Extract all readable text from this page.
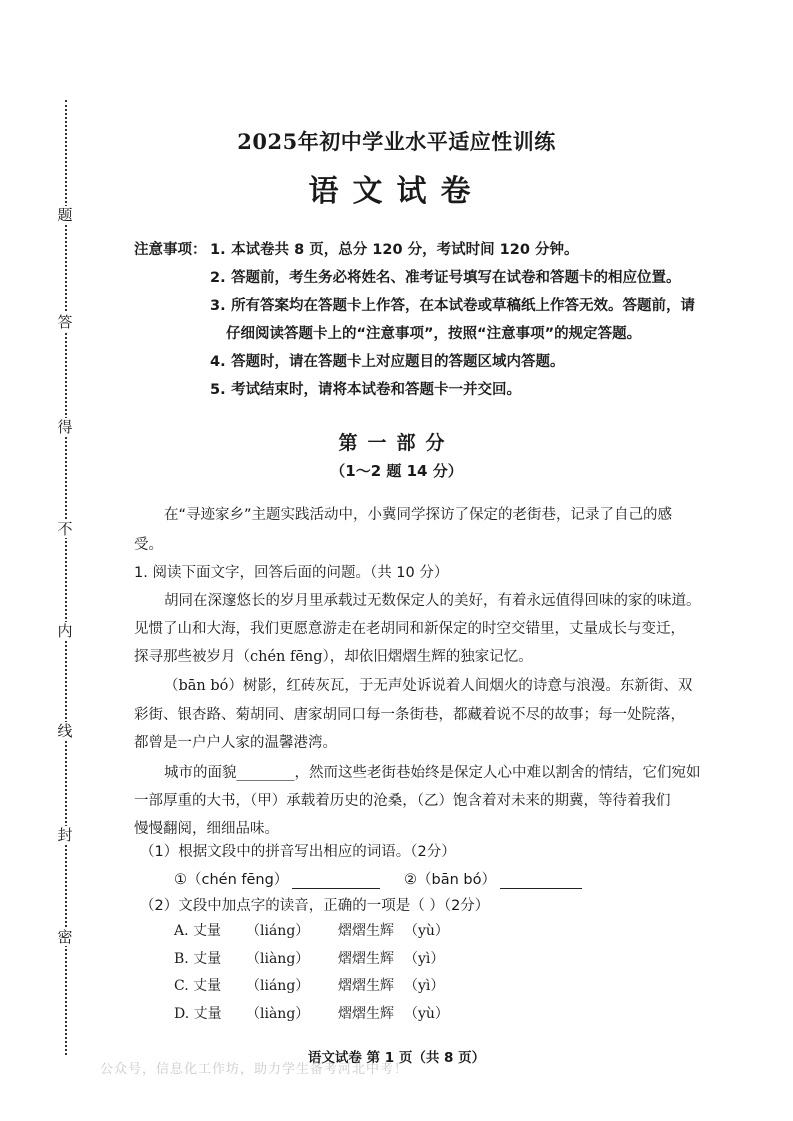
题
答
得
不
内
线
封
密
2025年初中学业水平适应性训练
语文试卷
注意事项： 1. 本试卷共 8 页，总分 120 分，考试时间 120 分钟。
2. 答题前，考生务必将姓名、准考证号填写在试卷和答题卡的相应位置。
3. 所有答案均在答题卡上作答，在本试卷或草稿纸上作答无效。答题前，请
仔细阅读答题卡上的“注意事项”，按照“注意事项”的规定答题。
4. 答题时，请在答题卡上对应题目的答题区域内答题。
5. 考试结束时，请将本试卷和答题卡一并交回。
第一部分
（1～2 题 14 分）
在“寻迹家乡”主题实践活动中，小冀同学探访了保定的老街巷，记录了自己的感
受。
1. 阅读下面文字，回答后面的问题。（共 10 分）
胡同在深邃悠长的岁月里承载过无数保定人的美好，有着永远值得回味的家的味道。
见惯了山和大海，我们更愿意游走在老胡同和新保定的时空交错里，丈量成长与变迁，
探寻那些被岁月（chén fēng），却依旧熠熠生辉的独家记忆。
（bān bó）树影，红砖灰瓦，于无声处诉说着人间烟火的诗意与浪漫。东新街、双
彩街、银杏路、菊胡同、唐家胡同口每一条街巷，都藏着说不尽的故事；每一处院落，
都曾是一户户人家的温馨港湾。
城市的面貌________，然而这些老街巷始终是保定人心中难以割舍的情结，它们宛如
一部厚重的大书，（甲）承载着历史的沧桑，（乙）饱含着对未来的期冀，等待着我们
慢慢翻阅，细细品味。
（1）根据文段中的拼音写出相应的词语。（2分）
①（chén fēng）	②（bān bó）
（2）文段中加点字的读音，正确的一项是（ ）（2分）
A. 丈量 （liáng） 熠熠生辉 （yù）
B. 丈量 （liàng） 熠熠生辉 （yì）
C. 丈量 （liáng） 熠熠生辉 （yì）
D. 丈量 （liàng） 熠熠生辉 （yù）
语文试卷 第 1 页（共 8 页）
公众号，信息化工作坊，助力学生备考河北中考！
